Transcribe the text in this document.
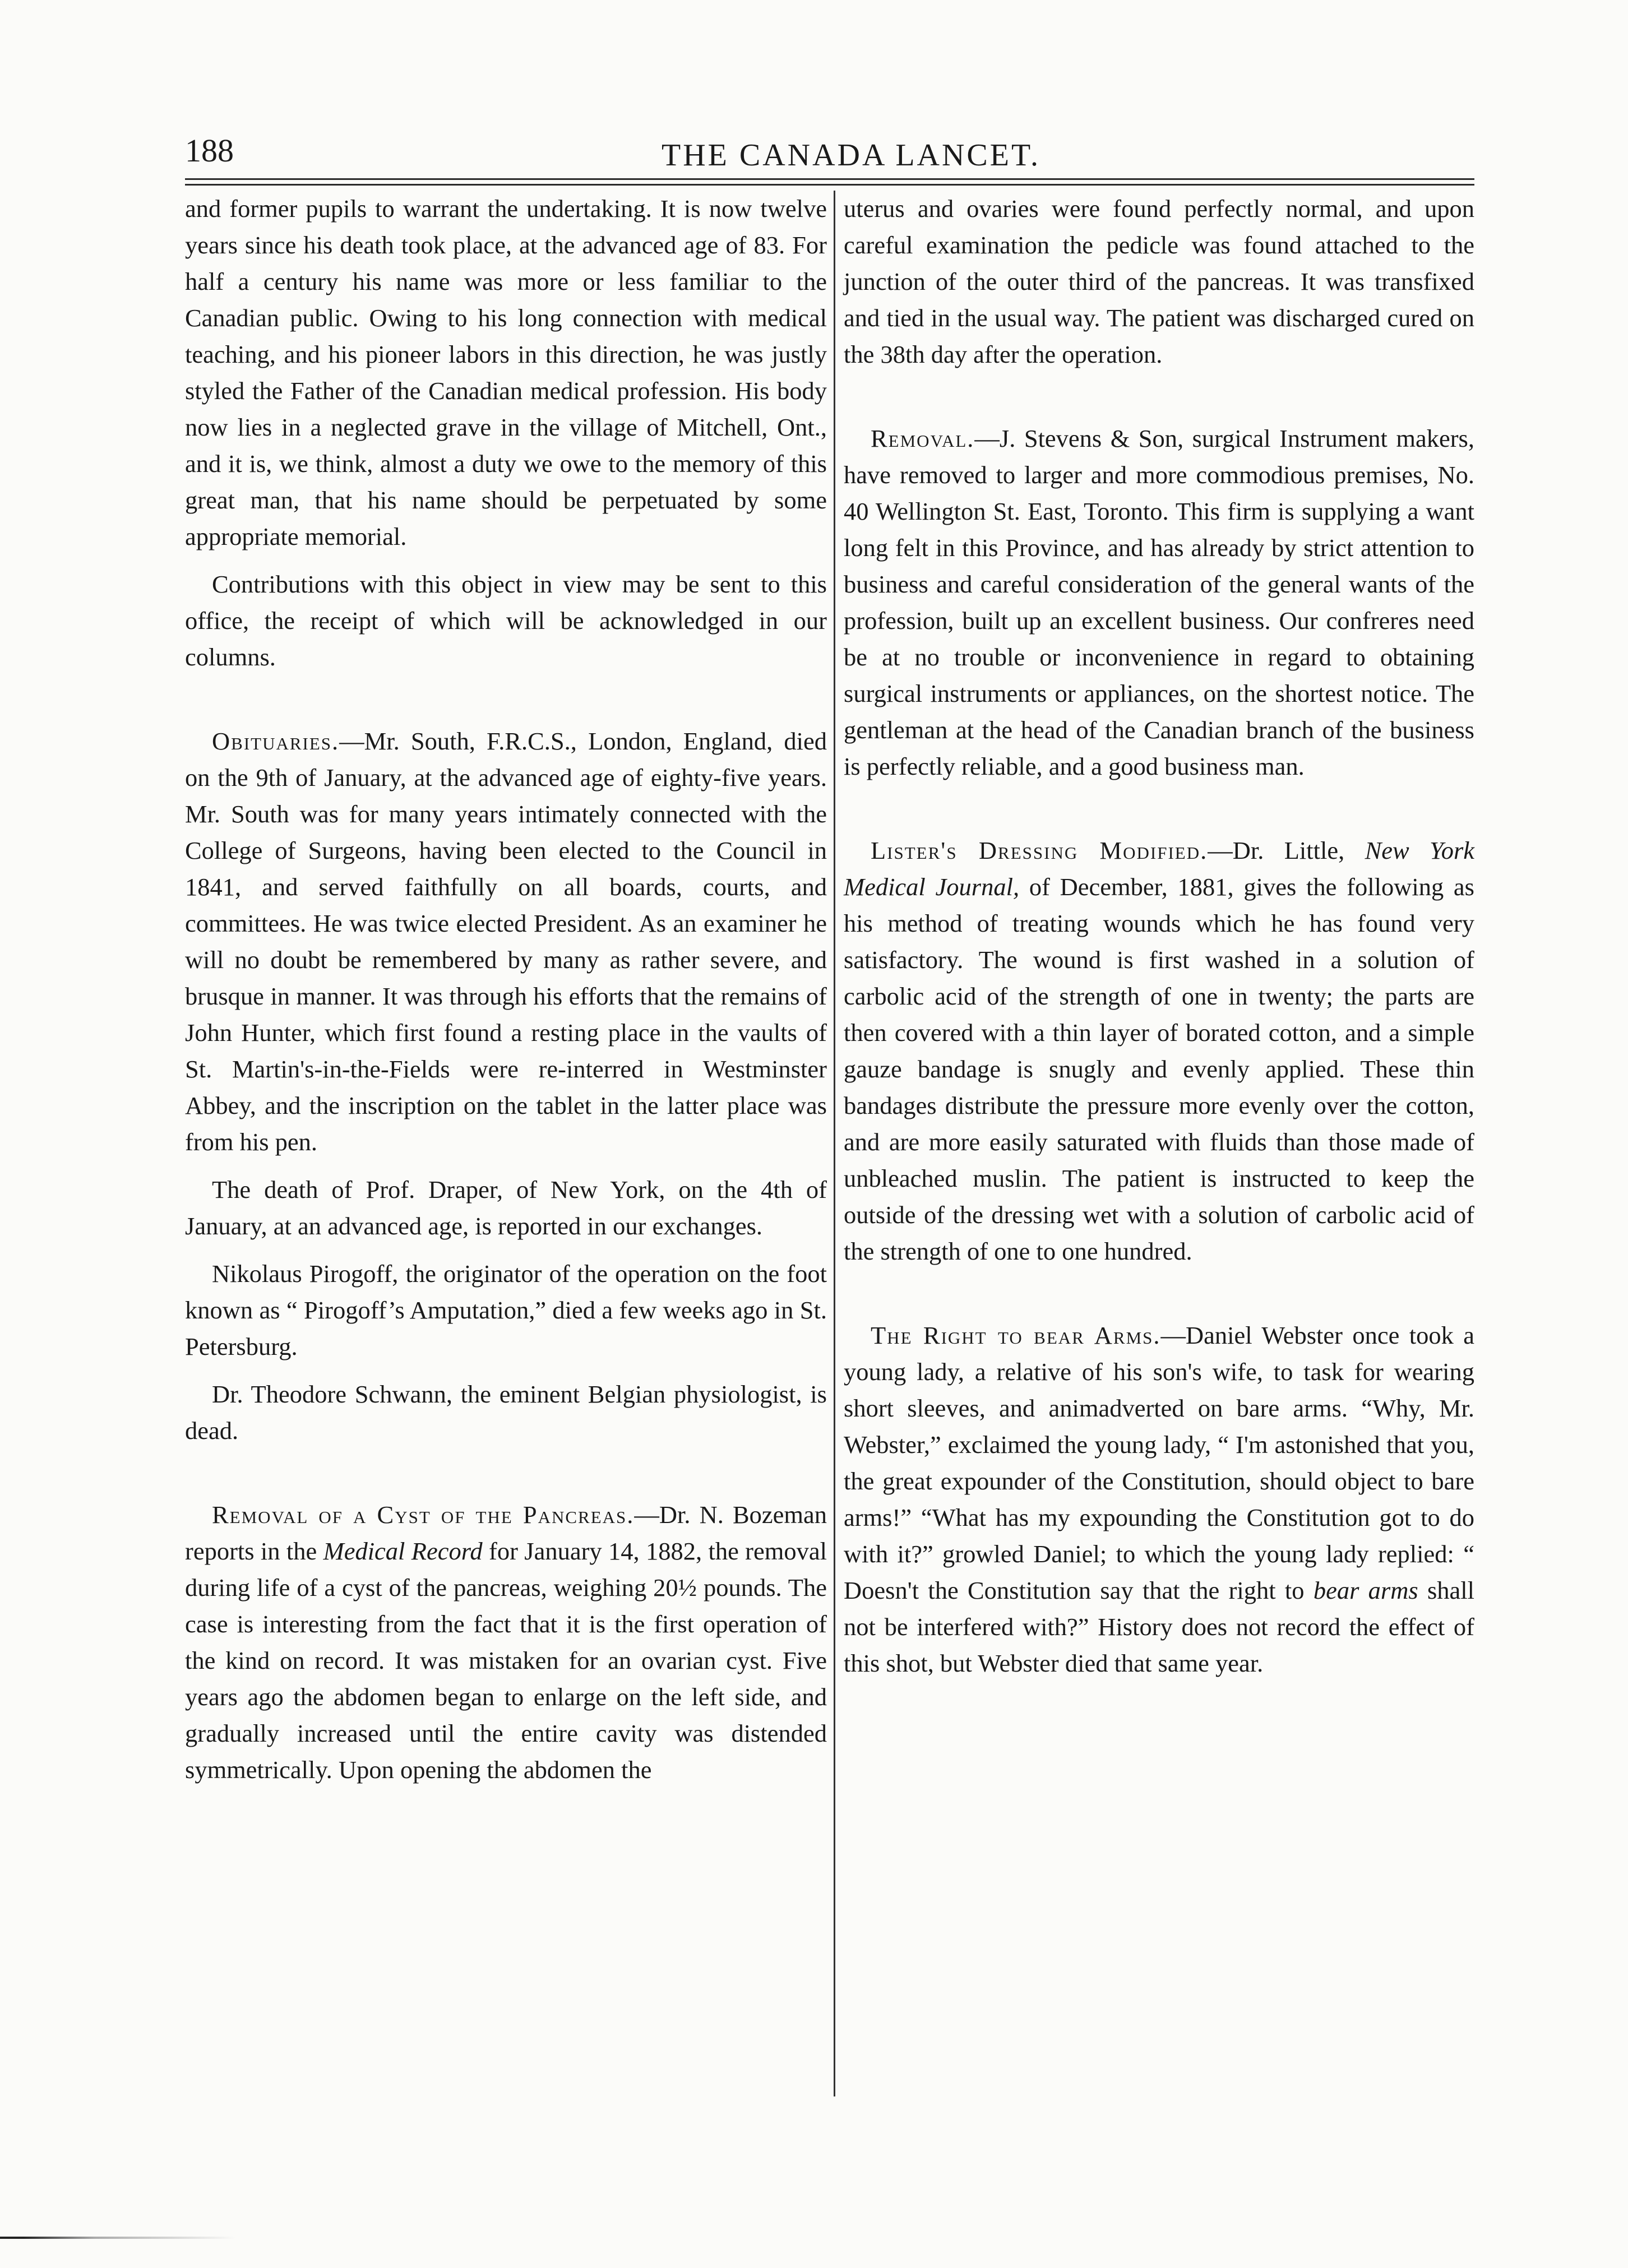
188	THE CANADA LANCET.

and former pupils to warrant the undertaking. It is now twelve years since his death took place, at the advanced age of 83. For half a century his name was more or less familiar to the Canadian public. Owing to his long connection with medical teaching, and his pioneer labors in this direction, he was justly styled the Father of the Canadian medical profession. His body now lies in a neglected grave in the village of Mitchell, Ont., and it is, we think, almost a duty we owe to the memory of this great man, that his name should be perpetuated by some appropriate memorial.

Contributions with this object in view may be sent to this office, the receipt of which will be acknowledged in our columns.

Obituaries.—Mr. South, F.R.C.S., London, England, died on the 9th of January, at the advanced age of eighty-five years. Mr. South was for many years intimately connected with the College of Surgeons, having been elected to the Council in 1841, and served faithfully on all boards, courts, and committees. He was twice elected President. As an examiner he will no doubt be remembered by many as rather severe, and brusque in manner. It was through his efforts that the remains of John Hunter, which first found a resting place in the vaults of St. Martin's-in-the-Fields were re-interred in Westminster Abbey, and the inscription on the tablet in the latter place was from his pen.

The death of Prof. Draper, of New York, on the 4th of January, at an advanced age, is reported in our exchanges.

Nikolaus Pirogoff, the originator of the operation on the foot known as “ Pirogoff’s Amputation,” died a few weeks ago in St. Petersburg.

Dr. Theodore Schwann, the eminent Belgian physiologist, is dead.

Removal of a Cyst of the Pancreas.—Dr. N. Bozeman reports in the Medical Record for January 14, 1882, the removal during life of a cyst of the pancreas, weighing 20½ pounds. The case is interesting from the fact that it is the first operation of the kind on record. It was mistaken for an ovarian cyst. Five years ago the abdomen began to enlarge on the left side, and gradually increased until the entire cavity was distended symmetrically. Upon opening the abdomen the

uterus and ovaries were found perfectly normal, and upon careful examination the pedicle was found attached to the junction of the outer third of the pancreas. It was transfixed and tied in the usual way. The patient was discharged cured on the 38th day after the operation.

Removal.—J. Stevens & Son, surgical Instrument makers, have removed to larger and more commodious premises, No. 40 Wellington St. East, Toronto. This firm is supplying a want long felt in this Province, and has already by strict attention to business and careful consideration of the general wants of the profession, built up an excellent business. Our confreres need be at no trouble or inconvenience in regard to obtaining surgical instruments or appliances, on the shortest notice. The gentleman at the head of the Canadian branch of the business is perfectly reliable, and a good business man.

Lister's Dressing Modified.—Dr. Little, New York Medical Journal, of December, 1881, gives the following as his method of treating wounds which he has found very satisfactory. The wound is first washed in a solution of carbolic acid of the strength of one in twenty; the parts are then covered with a thin layer of borated cotton, and a simple gauze bandage is snugly and evenly applied. These thin bandages distribute the pressure more evenly over the cotton, and are more easily saturated with fluids than those made of unbleached muslin. The patient is instructed to keep the outside of the dressing wet with a solution of carbolic acid of the strength of one to one hundred.

The Right to bear Arms.—Daniel Webster once took a young lady, a relative of his son's wife, to task for wearing short sleeves, and animadverted on bare arms. “Why, Mr. Webster,” exclaimed the young lady, “ I'm astonished that you, the great expounder of the Constitution, should object to bare arms!” “What has my expounding the Constitution got to do with it?” growled Daniel; to which the young lady replied: “ Doesn't the Constitution say that the right to bear arms shall not be interfered with?” History does not record the effect of this shot, but Webster died that same year.
